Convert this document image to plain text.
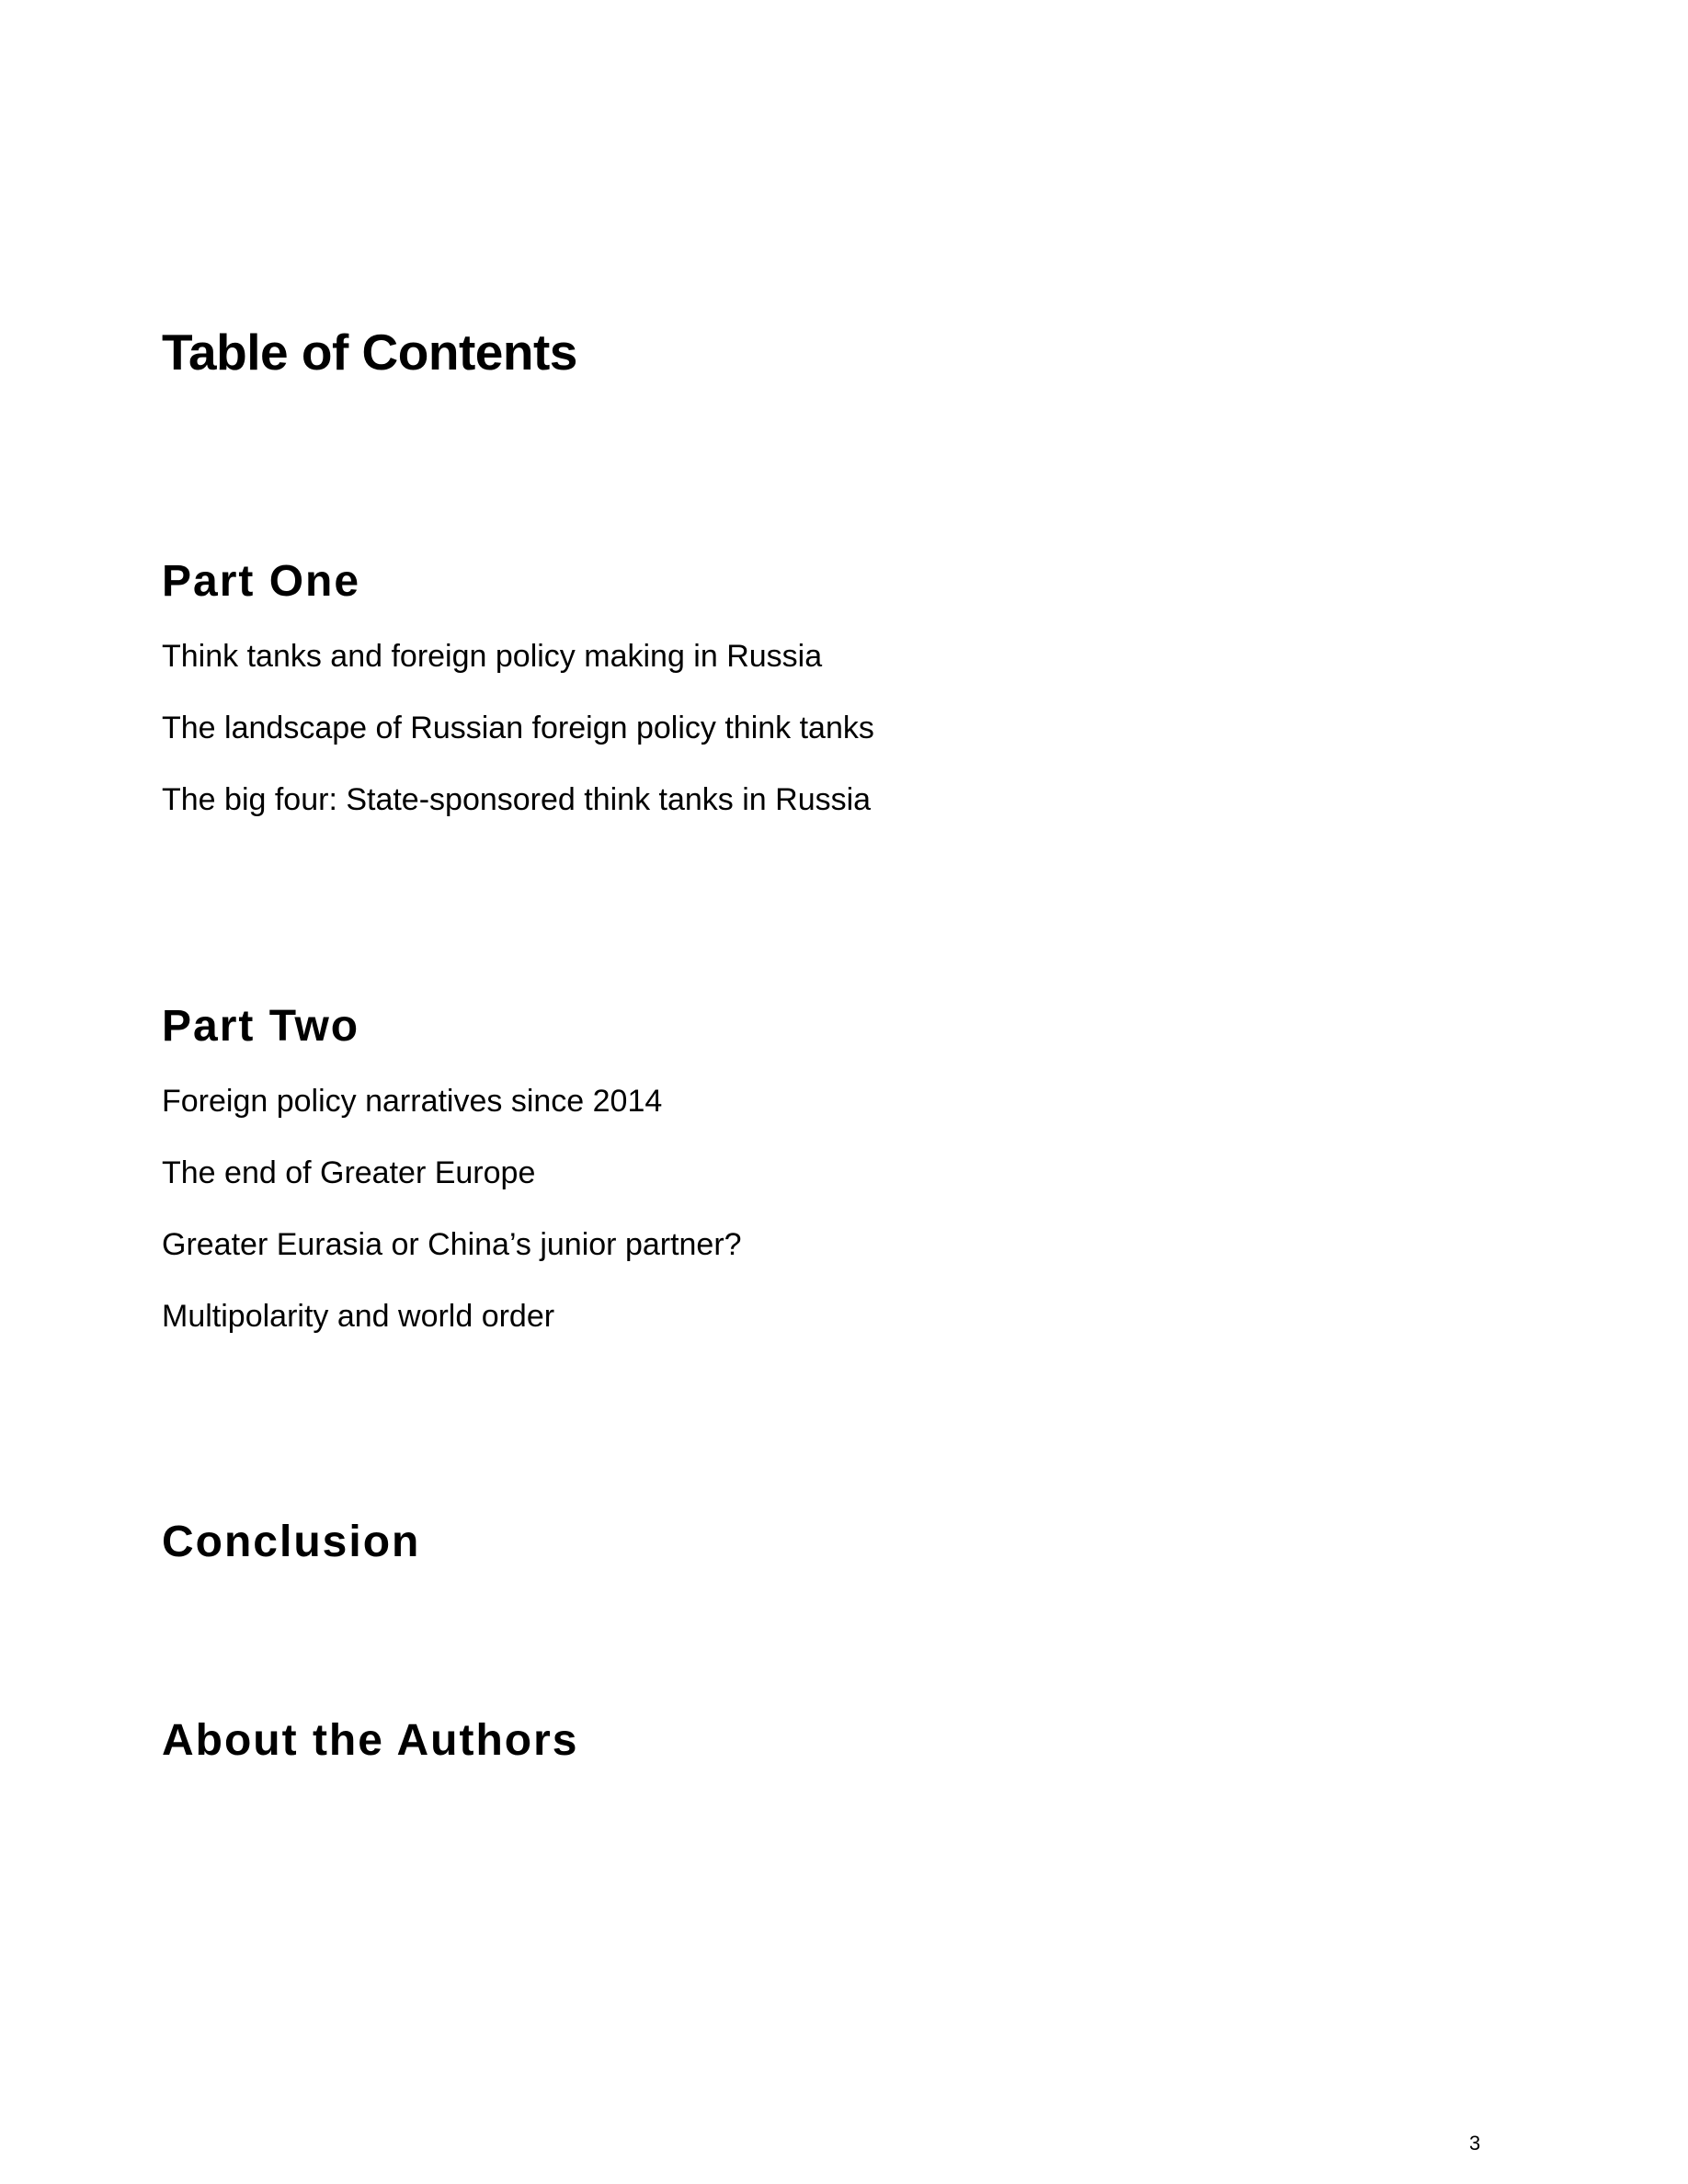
Table of Contents
Part One

Think tanks and foreign policy making in Russia

The landscape of Russian foreign policy think tanks

The big four: State-sponsored think tanks in Russia

Part Two

Foreign policy narratives since 2014

The end of Greater Europe

Greater Eurasia or China’s junior partner?

Multipolarity and world order

Conclusion
About the Authors

3
